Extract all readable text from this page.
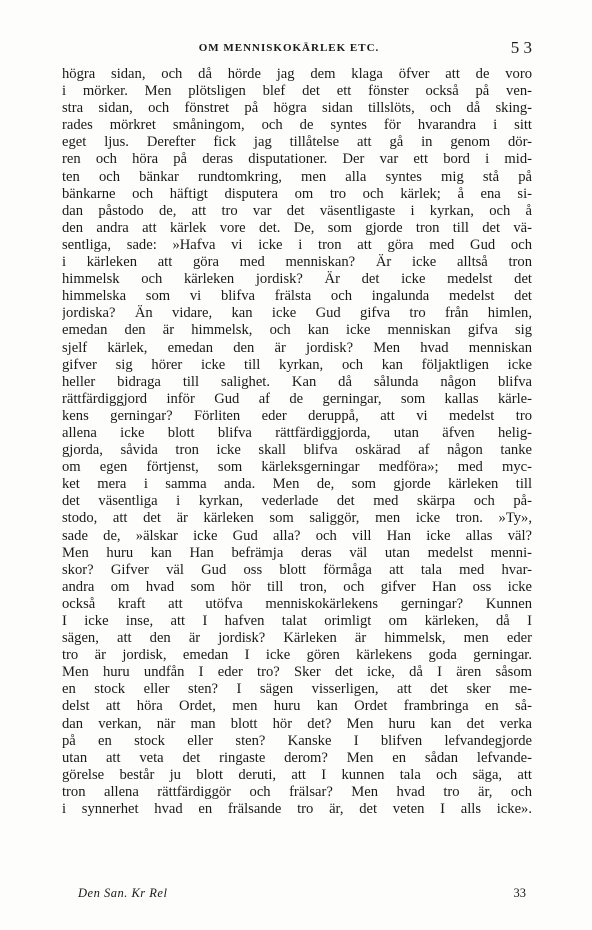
OM MENNISKOKÄRLEK ETC.	5 3
högra sidan, och då hörde jag dem klaga öfver att de voro
i mörker. Men plötsligen blef det ett fönster också på ven-
stra sidan, och fönstret på högra sidan tillslöts, och då sking-
rades mörkret småningom, och de syntes för hvarandra i sitt
eget ljus. Derefter fick jag tillåtelse att gå in genom dör-
ren och höra på deras disputationer. Der var ett bord i mid-
ten och bänkar rundtomkring, men alla syntes mig stå på
bänkarne och häftigt disputera om tro och kärlek; å ena si-
dan påstodo de, att tro var det väsentligaste i kyrkan, och å
den andra att kärlek vore det. De, som gjorde tron till det vä-
sentliga, sade: »Hafva vi icke i tron att göra med Gud och
i kärleken att göra med menniskan? Är icke alltså tron
himmelsk och kärleken jordisk? Är det icke medelst det
himmelska som vi blifva frälsta och ingalunda medelst det
jordiska? Än vidare, kan icke Gud gifva tro från himlen,
emedan den är himmelsk, och kan icke menniskan gifva sig
sjelf kärlek, emedan den är jordisk? Men hvad menniskan
gifver sig hörer icke till kyrkan, och kan följaktligen icke
heller bidraga till salighet. Kan då sålunda någon blifva
rättfärdiggjord inför Gud af de gerningar, som kallas kärle-
kens gerningar? Förliten eder deruppå, att vi medelst tro
allena icke blott blifva rättfärdiggjorda, utan äfven helig-
gjorda, såvida tron icke skall blifva oskärad af någon tanke
om egen förtjenst, som kärleksgerningar medföra»; med myc-
ket mera i samma anda. Men de, som gjorde kärleken till
det väsentliga i kyrkan, vederlade det med skärpa och på-
stodo, att det är kärleken som saliggör, men icke tron. »Ty»,
sade de, »älskar icke Gud alla? och vill Han icke allas väl?
Men huru kan Han befrämja deras väl utan medelst menni-
skor? Gifver väl Gud oss blott förmåga att tala med hvar-
andra om hvad som hör till tron, och gifver Han oss icke
också kraft att utöfva menniskokärlekens gerningar? Kunnen
I icke inse, att I hafven talat orimligt om kärleken, då I
sägen, att den är jordisk? Kärleken är himmelsk, men eder
tro är jordisk, emedan I icke gören kärlekens goda gerningar.
Men huru undfån I eder tro? Sker det icke, då I ären såsom
en stock eller sten? I sägen visserligen, att det sker me-
delst att höra Ordet, men huru kan Ordet frambringa en så-
dan verkan, när man blott hör det? Men huru kan det verka
på en stock eller sten? Kanske I blifven lefvandegjorde
utan att veta det ringaste derom? Men en sådan lefvande-
görelse består ju blott deruti, att I kunnen tala och säga, att
tron allena rättfärdiggör och frälsar? Men hvad tro är, och
i synnerhet hvad en frälsande tro är, det veten I alls icke».
Den San. Kr Rel	33
